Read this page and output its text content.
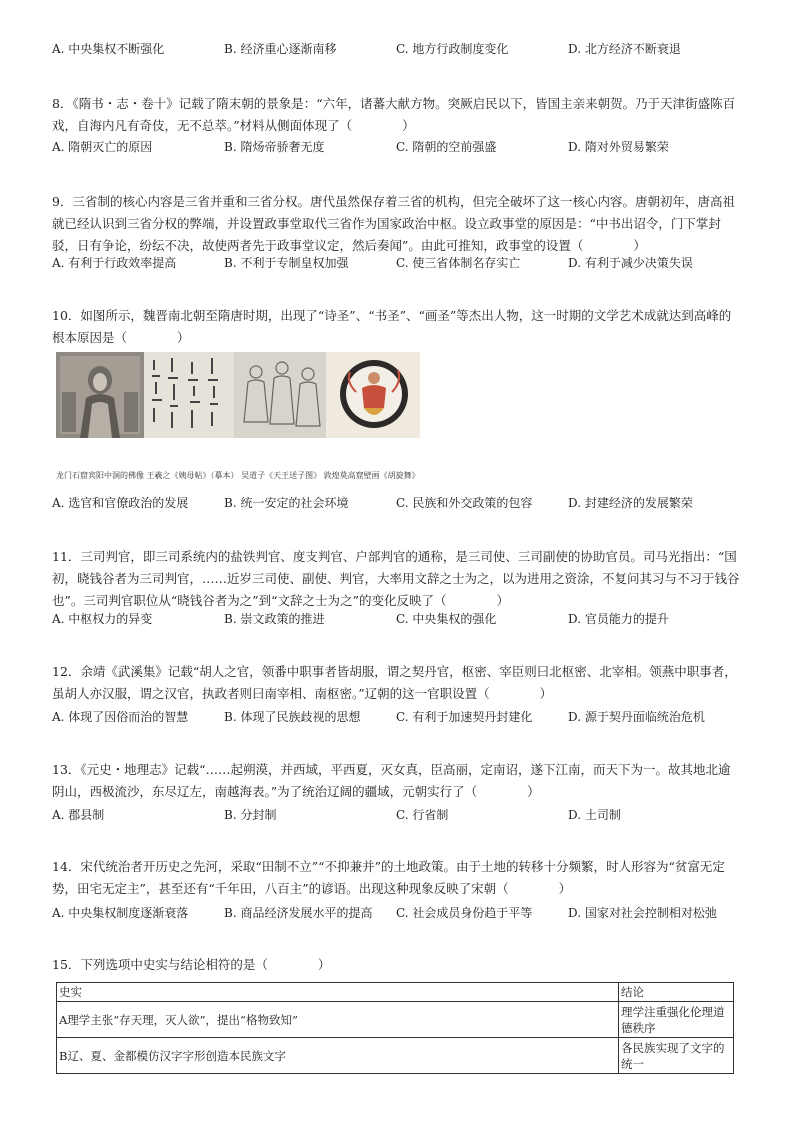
A. 中央集权不断强化	B. 经济重心逐渐南移	C. 地方行政制度变化	D. 北方经济不断衰退
8．《隋书・志・卷十》记载了隋末朝的景象是：“六年，诸蕃大献方物。突厥启民以下，皆国主亲来朝贺。乃于天津街盛陈百戏，自海内凡有奇伎，无不总萃。”材料从侧面体现了（　　　　）
A. 隋朝灭亡的原因	B. 隋炀帝骄奢无度	C. 隋朝的空前强盛	D. 隋对外贸易繁荣
9．三省制的核心内容是三省并重和三省分权。唐代虽然保存着三省的机构，但完全破坏了这一核心内容。唐朝初年，唐高祖就已经认识到三省分权的弊端，并设置政事堂取代三省作为国家政治中枢。设立政事堂的原因是：“中书出诏令，门下掌封驳，日有争论，纷纭不决，故使两者先于政事堂议定，然后奏闻”。由此可推知，政事堂的设置（　　　　）
A. 有利于行政效率提高	B. 不利于专制皇权加强	C. 使三省体制名存实亡	D. 有利于减少决策失误
10．如图所示，魏晋南北朝至隋唐时期，出现了“诗圣”、“书圣”、“画圣”等杰出人物，这一时期的文学艺术成就达到高峰的根本原因是（　　　　）
龙门石窟宾阳中洞的佛像 王羲之《姨母帖》（摹本） 吴道子《天王送子图》 敦煌莫高窟壁画《胡旋舞》
A. 选官和官僚政治的发展	B. 统一安定的社会环境	C. 民族和外交政策的包容	D. 封建经济的发展繁荣
11．三司判官，即三司系统内的盐铁判官、度支判官、户部判官的通称，是三司使、三司副使的协助官员。司马光指出：“国初，晓钱谷者为三司判官，……近岁三司使、副使、判官，大率用文辞之士为之，以为进用之资涂，不复问其习与不习于钱谷也”。三司判官职位从“晓钱谷者为之”到“文辞之士为之”的变化反映了（　　　　）
A. 中枢权力的异变	B. 崇文政策的推进	C. 中央集权的强化	D. 官员能力的提升
12．余靖《武溪集》记载“胡人之官，领番中职事者皆胡服，谓之契丹官，枢密、宰臣则曰北枢密、北宰相。领燕中职事者，虽胡人亦汉服，谓之汉官，执政者则曰南宰相、南枢密。”辽朝的这一官职设置（　　　　）
A. 体现了因俗而治的智慧	B. 体现了民族歧视的思想	C. 有利于加速契丹封建化	D. 源于契丹面临统治危机
13．《元史・地理志》记载“……起朔漠，并西域，平西夏，灭女真，臣高丽，定南诏，遂下江南，而天下为一。故其地北逾阴山，西极流沙，东尽辽左，南越海表。”为了统治辽阔的疆域，元朝实行了（　　　　）
A. 郡县制	B. 分封制	C. 行省制	D. 土司制
14．宋代统治者开历史之先河，采取“田制不立”“不抑兼并”的土地政策。由于土地的转移十分频繁，时人形容为“贫富无定势，田宅无定主”，甚至还有“千年田，八百主”的谚语。出现这种现象反映了宋朝（　　　　）
A. 中央集权制度逐渐衰落	B. 商品经济发展水平的提高 C. 社会成员身份趋于平等	D. 国家对社会控制相对松弛
15．下列选项中史实与结论相符的是（　　　　）
史实	结论
A理学主张“存天理，灭人欲”，提出“格物致知”	理学注重强化伦理道德秩序
B辽、夏、金都模仿汉字字形创造本民族文字	各民族实现了文字的统一
